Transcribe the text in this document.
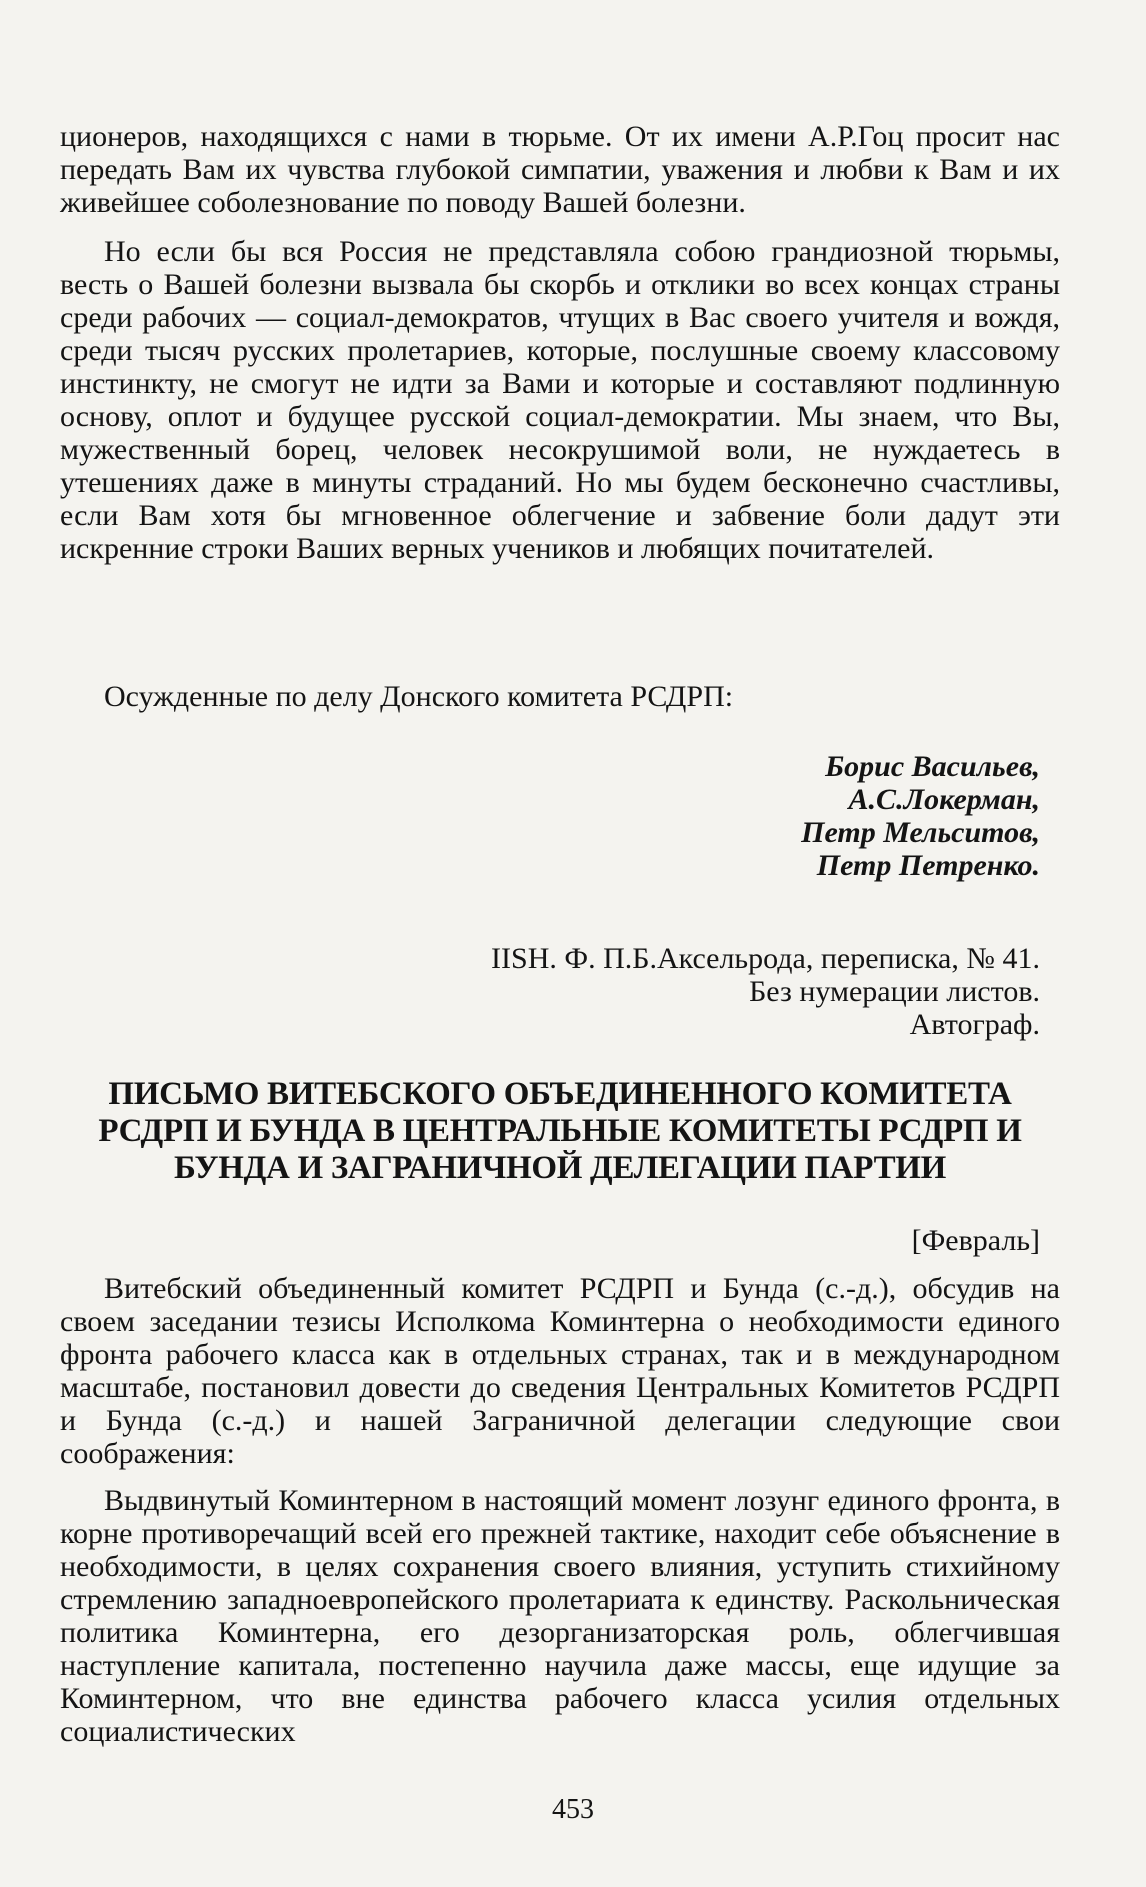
ционеров, находящихся с нами в тюрьме. От их имени А.Р.Гоц просит нас передать Вам их чувства глубокой симпатии, уважения и любви к Вам и их живейшее соболезнование по поводу Вашей болезни.

Но если бы вся Россия не представляла собою грандиозной тюрьмы, весть о Вашей болезни вызвала бы скорбь и отклики во всех концах страны среди рабочих — социал-демократов, чтущих в Вас своего учителя и вождя, среди тысяч русских пролетариев, которые, послушные своему классовому инстинкту, не смогут не идти за Вами и которые и составляют подлинную основу, оплот и будущее русской социал-демократии. Мы знаем, что Вы, мужественный борец, человек несокрушимой воли, не нуждаетесь в утешениях даже в минуты страданий. Но мы будем бесконечно счастливы, если Вам хотя бы мгновенное облегчение и забвение боли дадут эти искренние строки Ваших верных учеников и любящих почитателей.

Осужденные по делу Донского комитета РСДРП:
Борис Васильев,
А.С.Локерман,
Петр Мельситов,
Петр Петренко.
IISH. Ф. П.Б.Аксельрода, переписка, № 41.
Без нумерации листов.
Автограф.
ПИСЬМО ВИТЕБСКОГО ОБЪЕДИНЕННОГО КОМИТЕТА РСДРП И БУНДА В ЦЕНТРАЛЬНЫЕ КОМИТЕТЫ РСДРП И БУНДА И ЗАГРАНИЧНОЙ ДЕЛЕГАЦИИ ПАРТИИ
[Февраль]

Витебский объединенный комитет РСДРП и Бунда (с.-д.), обсудив на своем заседании тезисы Исполкома Коминтерна о необходимости единого фронта рабочего класса как в отдельных странах, так и в международном масштабе, постановил довести до сведения Центральных Комитетов РСДРП и Бунда (с.-д.) и нашей Заграничной делегации следующие свои соображения:

Выдвинутый Коминтерном в настоящий момент лозунг единого фронта, в корне противоречащий всей его прежней тактике, находит себе объяснение в необходимости, в целях сохранения своего влияния, уступить стихийному стремлению западноевропейского пролетариата к единству. Раскольническая политика Коминтерна, его дезорганизаторская роль, облегчившая наступление капитала, постепенно научила даже массы, еще идущие за Коминтерном, что вне единства рабочего класса усилия отдельных социалистических

453
